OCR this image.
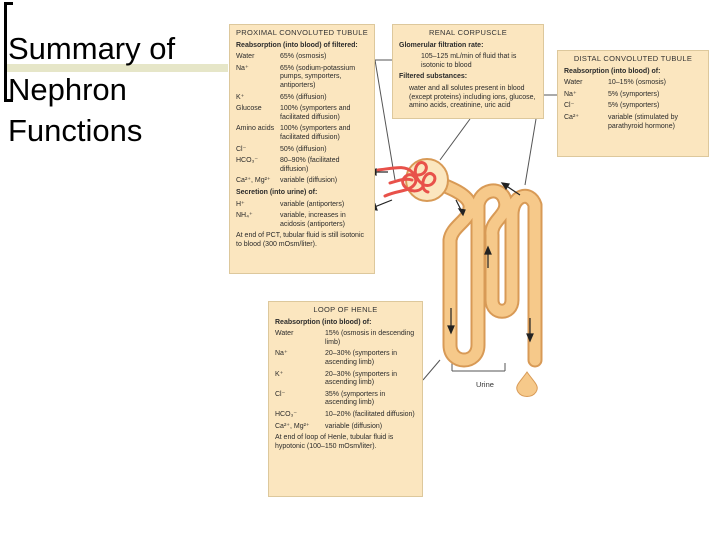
Summary of
Nephron
Functions
Urine
PROXIMAL CONVOLUTED TUBULE
Reabsorption (into blood) of filtered:
Water	65% (osmosis)
Na⁺	65% (sodium-potassium pumps, symporters, antiporters)
K⁺	65% (diffusion)
Glucose	100% (symporters and facilitated diffusion)
Amino acids 100% (symporters and facilitated diffusion)
Cl⁻	50% (diffusion)
HCO₃⁻	80–90% (facilitated diffusion)
Ca²⁺, Mg²⁺	variable (diffusion)
Secretion (into urine) of:
H⁺	variable (antiporters)
NH₄⁺	variable, increases in acidosis (antiporters)
At end of PCT, tubular fluid is still isotonic to blood (300 mOsm/liter).
RENAL CORPUSCLE
Glomerular filtration rate:
105–125 mL/min of fluid that is isotonic to blood
Filtered substances:
water and all solutes present in blood (except proteins) including ions, glucose, amino acids, creatinine, uric acid
DISTAL CONVOLUTED TUBULE
Reabsorption (into blood) of:
Water	10–15% (osmosis)
Na⁺	5% (symporters)
Cl⁻	5% (symporters)
Ca²⁺	variable (stimulated by parathyroid hormone)
LOOP OF HENLE
Reabsorption (into blood) of:
Water	15% (osmosis in descending limb)
Na⁺	20–30% (symporters in ascending limb)
K⁺	20–30% (symporters in ascending limb)
Cl⁻	35% (symporters in ascending limb)
HCO₃⁻	10–20% (facilitated diffusion)
Ca²⁺, Mg²⁺	variable (diffusion)
At end of loop of Henle, tubular fluid is hypotonic (100–150 mOsm/liter).
